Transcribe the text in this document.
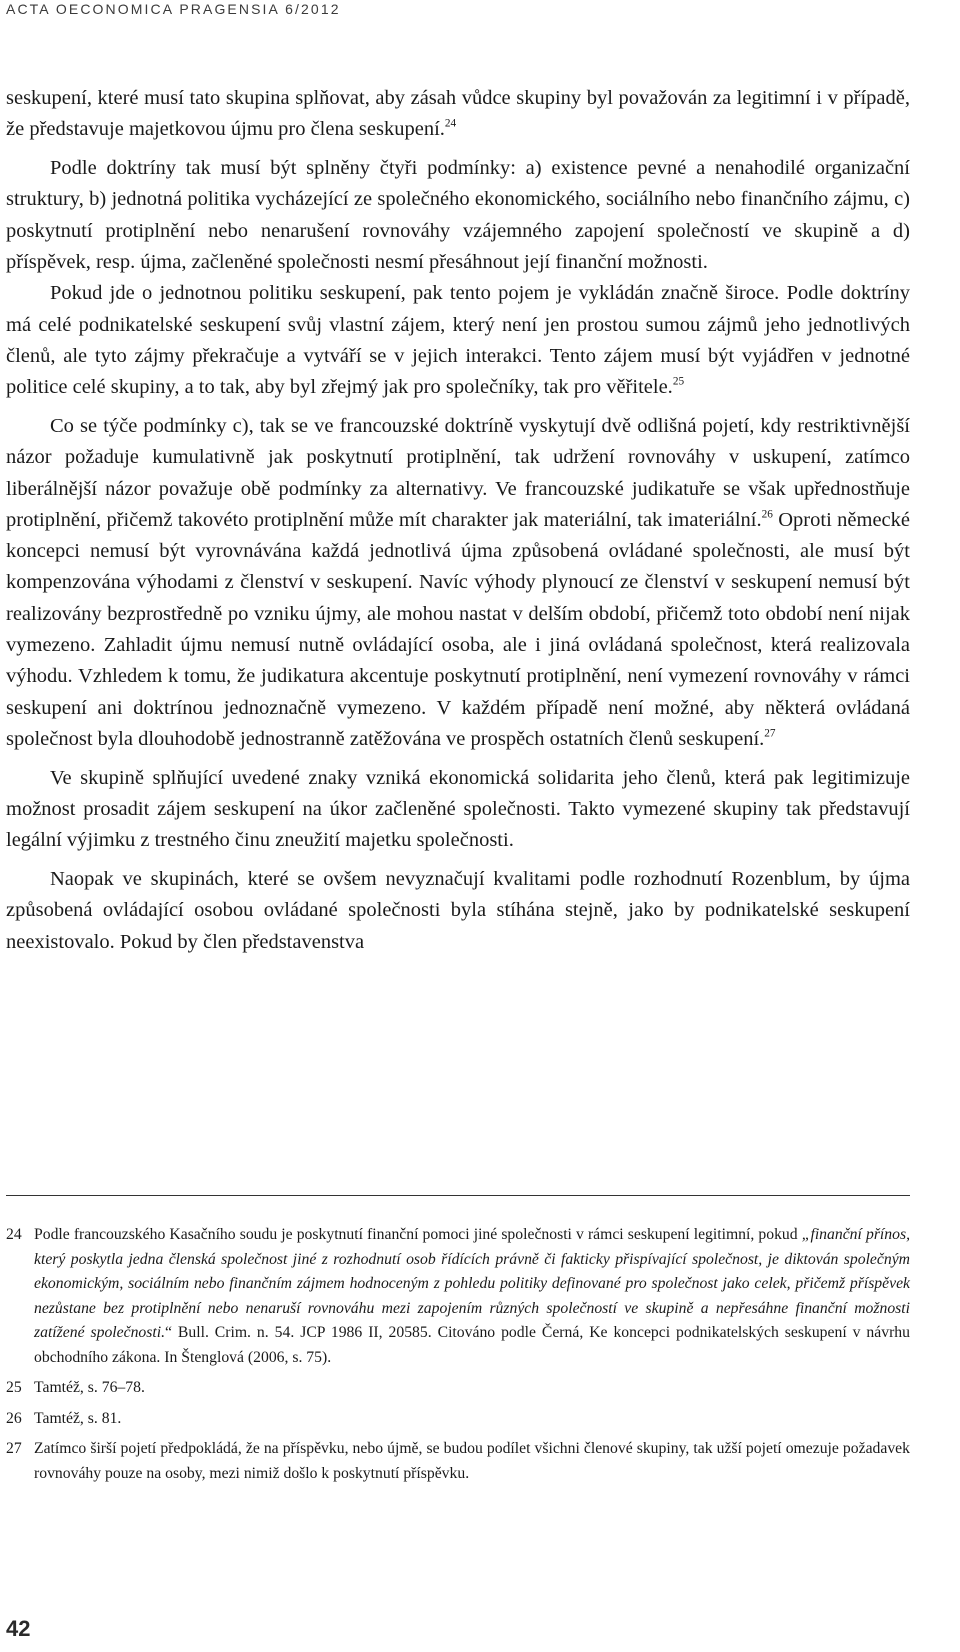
ACTA OECONOMICA PRAGENSIA 6/2012

seskupení, které musí tato skupina splňovat, aby zásah vůdce skupiny byl považován za legitimní i v případě, že představuje majetkovou újmu pro člena seskupení.$^{24}$

Podle doktríny tak musí být splněny čtyři podmínky: a) existence pevné a nenahodilé organizační struktury, b) jednotná politika vycházející ze společného ekonomického, sociálního nebo finančního zájmu, c) poskytnutí protiplnění nebo nenarušení rovnováhy vzájemného zapojení společností ve skupině a d) příspěvek, resp. újma, začleněné společnosti nesmí přesáhnout její finanční možnosti.

Pokud jde o jednotnou politiku seskupení, pak tento pojem je vykládán značně široce. Podle doktríny má celé podnikatelské seskupení svůj vlastní zájem, který není jen prostou sumou zájmů jeho jednotlivých členů, ale tyto zájmy překračuje a vytváří se v jejich interakci. Tento zájem musí být vyjádřen v jednotné politice celé skupiny, a to tak, aby byl zřejmý jak pro společníky, tak pro věřitele.$^{25}$

Co se týče podmínky c), tak se ve francouzské doktríně vyskytují dvě odlišná pojetí, kdy restriktivnější názor požaduje kumulativně jak poskytnutí protiplnění, tak udržení rovnováhy v uskupení, zatímco liberálnější názor považuje obě podmínky za alternativy. Ve francouzské judikatuře se však upřednostňuje protiplnění, přičemž takovéto protiplnění může mít charakter jak materiální, tak imateriální.$^{26}$ Oproti německé koncepci nemusí být vyrovnávána každá jednotlivá újma způsobená ovládané společnosti, ale musí být kompenzována výhodami z členství v seskupení. Navíc výhody plynoucí ze členství v seskupení nemusí být realizovány bezprostředně po vzniku újmy, ale mohou nastat v delším období, přičemž toto období není nijak vymezeno. Zahladit újmu nemusí nutně ovládající osoba, ale i jiná ovládaná společnost, která realizovala výhodu. Vzhledem k tomu, že judikatura akcentuje poskytnutí protiplnění, není vymezení rovnováhy v rámci seskupení ani doktrínou jednoznačně vymezeno. V každém případě není možné, aby některá ovládaná společnost byla dlouhodobě jednostranně zatěžována ve prospěch ostatních členů seskupení.$^{27}$

Ve skupině splňující uvedené znaky vzniká ekonomická solidarita jeho členů, která pak legitimizuje možnost prosadit zájem seskupení na úkor začleněné společnosti. Takto vymezené skupiny tak představují legální výjimku z trestného činu zneužití majetku společnosti.

Naopak ve skupinách, které se ovšem nevyznačují kvalitami podle rozhodnutí Rozenblum, by újma způsobená ovládající osobou ovládané společnosti byla stíhána stejně, jako by podnikatelské seskupení neexistovalo. Pokud by člen představenstva

24 Podle francouzského Kasačního soudu je poskytnutí finanční pomoci jiné společnosti v rámci seskupení legitimní, pokud „finanční přínos, který poskytla jedna členská společnost jiné z rozhodnutí osob řídících právně či fakticky přispívající společnost, je diktován společným ekonomickým, sociálním nebo finančním zájmem hodnoceným z pohledu politiky definované pro společnost jako celek, přičemž příspěvek nezůstane bez protiplnění nebo nenaruší rovnováhu mezi zapojením různých společností ve skupině a nepřesáhne finanční možnosti zatížené společnosti.“ Bull. Crim. n. 54. JCP 1986 II, 20585. Citováno podle Černá, Ke koncepci podnikatelských seskupení v návrhu obchodního zákona. In Štenglová (2006, s. 75).
25 Tamtéž, s. 76–78.
26 Tamtéž, s. 81.
27 Zatímco širší pojetí předpokládá, že na příspěvku, nebo újmě, se budou podílet všichni členové skupiny, tak užší pojetí omezuje požadavek rovnováhy pouze na osoby, mezi nimiž došlo k poskytnutí příspěvku.
42
